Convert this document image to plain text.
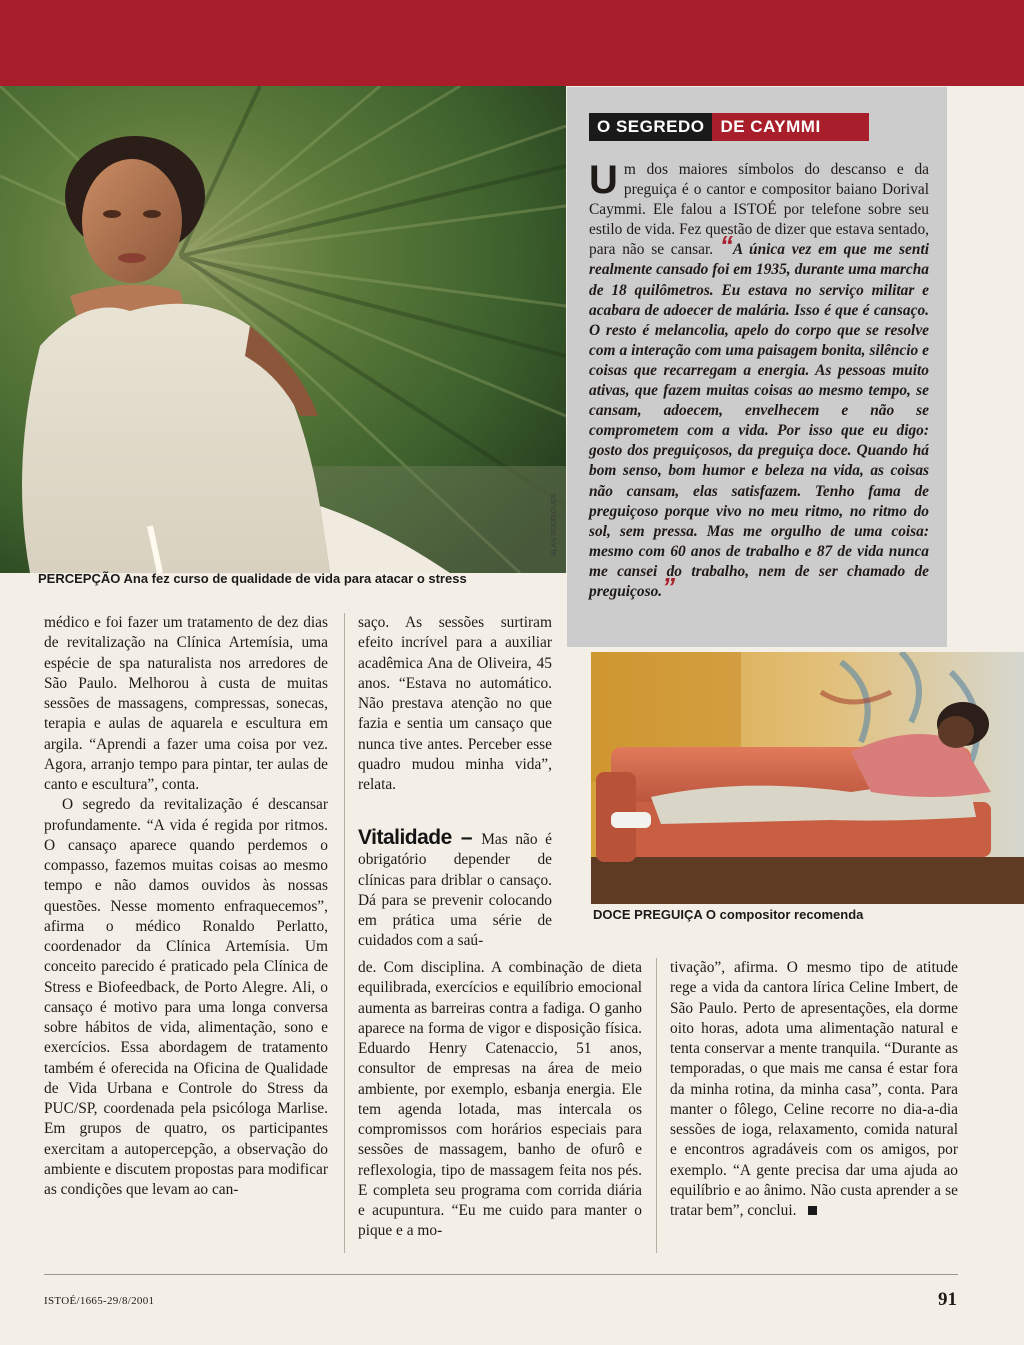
ALAN RODRIGUES
PERCEPÇÃO Ana fez curso de qualidade de vida para atacar o stress
O SEGREDO DE CAYMMI
Um dos maiores símbolos do descanso e da preguiça é o cantor e compositor baiano Dorival Caymmi. Ele falou a ISTOÉ por telefone sobre seu estilo de vida. Fez questão de dizer que estava sentado, para não se cansar. “A única vez em que me senti realmente cansado foi em 1935, durante uma marcha de 18 quilômetros. Eu estava no serviço militar e acabara de adoecer de malária. Isso é que é cansaço. O resto é melancolia, apelo do corpo que se resolve com a interação com uma paisagem bonita, silêncio e coisas que recarregam a energia. As pessoas muito ativas, que fazem muitas coisas ao mesmo tempo, se cansam, adoecem, envelhecem e não se comprometem com a vida. Por isso que eu digo: gosto dos preguiçosos, da preguiça doce. Quando há bom senso, bom humor e beleza na vida, as coisas não cansam, elas satisfazem. Tenho fama de preguiçoso porque vivo no meu ritmo, no ritmo do sol, sem pressa. Mas me orgulho de uma coisa: mesmo com 60 anos de trabalho e 87 de vida nunca me cansei do trabalho, nem de ser chamado de preguiçoso.”
DOCE PREGUIÇA O compositor recomenda

médico e foi fazer um tratamento de dez dias de revitalização na Clínica Artemísia, uma espécie de spa naturalista nos arredores de São Paulo. Melhorou à custa de muitas sessões de massagens, compressas, sonecas, terapia e aulas de aquarela e escultura em argila. “Aprendi a fazer uma coisa por vez. Agora, arranjo tempo para pintar, ter aulas de canto e escultura”, conta.

O segredo da revitalização é descansar profundamente. “A vida é regida por ritmos. O cansaço aparece quando perdemos o compasso, fazemos muitas coisas ao mesmo tempo e não damos ouvidos às nossas questões. Nesse momento enfraquecemos”, afirma o médico Ronaldo Perlatto, coordenador da Clínica Artemísia. Um conceito parecido é praticado pela Clínica de Stress e Biofeedback, de Porto Alegre. Ali, o cansaço é motivo para uma longa conversa sobre hábitos de vida, alimentação, sono e exercícios. Essa abordagem de tratamento também é oferecida na Oficina de Qualidade de Vida Urbana e Controle do Stress da PUC/SP, coordenada pela psicóloga Marlise. Em grupos de quatro, os participantes exercitam a autopercepção, a observação do ambiente e discutem propostas para modificar as condições que levam ao can-

saço. As sessões surtiram efeito incrível para a auxiliar acadêmica Ana de Oliveira, 45 anos. “Estava no automático. Não prestava atenção no que fazia e sentia um cansaço que nunca tive antes. Perceber esse quadro mudou minha vida”, relata.

Vitalidade – Mas não é obrigatório depender de clínicas para driblar o cansaço. Dá para se prevenir colocando em prática uma série de cuidados com a saú-

de. Com disciplina. A combinação de dieta equilibrada, exercícios e equilíbrio emocional aumenta as barreiras contra a fadiga. O ganho aparece na forma de vigor e disposição física. Eduardo Henry Catenaccio, 51 anos, consultor de empresas na área de meio ambiente, por exemplo, esbanja energia. Ele tem agenda lotada, mas intercala os compromissos com horários especiais para sessões de massagem, banho de ofurô e reflexologia, tipo de massagem feita nos pés. E completa seu programa com corrida diária e acupuntura. “Eu me cuido para manter o pique e a mo-

tivação”, afirma. O mesmo tipo de atitude rege a vida da cantora lírica Celine Imbert, de São Paulo. Perto de apresentações, ela dorme oito horas, adota uma alimentação natural e tenta conservar a mente tranquila. “Durante as temporadas, o que mais me cansa é estar fora da minha rotina, da minha casa”, conta. Para manter o fôlego, Celine recorre no dia-a-dia sessões de ioga, relaxamento, comida natural e encontros agradáveis com os amigos, por exemplo. “A gente precisa dar uma ajuda ao equilíbrio e ao ânimo. Não custa aprender a se tratar bem”, conclui.

ISTOÉ/1665-29/8/2001	91
